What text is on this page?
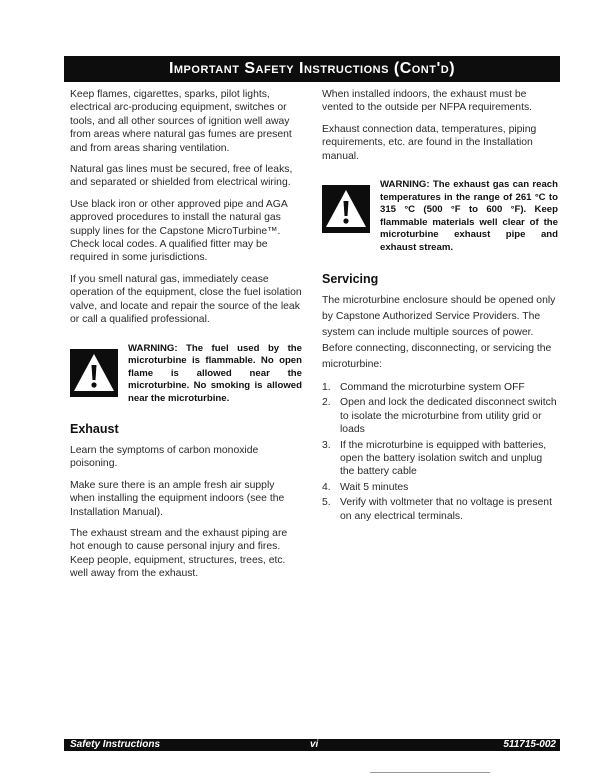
Important Safety Instructions (Cont'd)

Keep flames, cigarettes, sparks, pilot lights, electrical arc-producing equipment, switches or tools, and all other sources of ignition well away from areas where natural gas fumes are present and from areas sharing ventilation.

Natural gas lines must be secured, free of leaks, and separated or shielded from electrical wiring.

Use black iron or other approved pipe and AGA approved procedures to install the natural gas supply lines for the Capstone MicroTurbine™. Check local codes. A qualified fitter may be required in some jurisdictions.

If you smell natural gas, immediately cease operation of the equipment, close the fuel isolation valve, and locate and repair the source of the leak or call a qualified professional.

WARNING: The fuel used by the microturbine is flammable. No open flame is allowed near the microturbine. No smoking is allowed near the microturbine.
Exhaust

Learn the symptoms of carbon monoxide poisoning.

Make sure there is an ample fresh air supply when installing the equipment indoors (see the Installation Manual).

The exhaust stream and the exhaust piping are hot enough to cause personal injury and fires. Keep people, equipment, structures, trees, etc. well away from the exhaust.

When installed indoors, the exhaust must be vented to the outside per NFPA requirements.

Exhaust connection data, temperatures, piping requirements, etc. are found in the Installation manual.

WARNING: The exhaust gas can reach temperatures in the range of 261 °C to 315 °C (500 °F to 600 °F). Keep flammable materials well clear of the microturbine exhaust pipe and exhaust stream.
Servicing

The microturbine enclosure should be opened only by Capstone Authorized Service Providers. The system can include multiple sources of power. Before connecting, disconnecting, or servicing the microturbine:

1. Command the microturbine system OFF
2. Open and lock the dedicated disconnect switch to isolate the microturbine from utility grid or loads
3. If the microturbine is equipped with batteries, open the battery isolation switch and unplug the battery cable
4. Wait 5 minutes
5. Verify with voltmeter that no voltage is present on any electrical terminals.
Safety Instructions	vi	511715-002
